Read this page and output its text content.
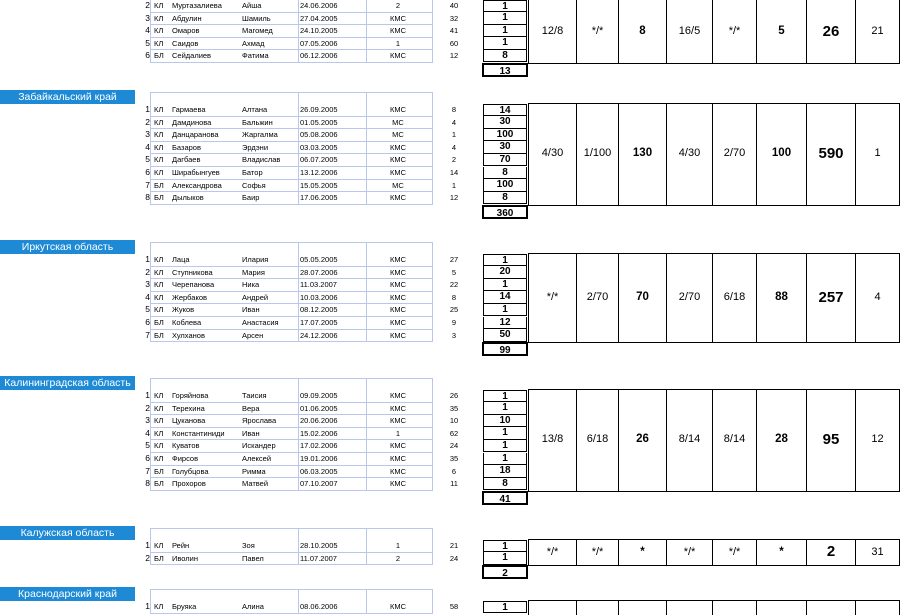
2 КЛ	Муртазалиева	Айша	24.06.2006	2	40	1
3 КЛ	Абдулин	Шамиль	27.04.2005	КМС	32	1
4 КЛ	Омаров	Магомед	24.10.2005	КМС	41	1
5 КЛ	Саидов	Ахмад	07.05.2006	1	60	1
6 БЛ	Сейдалиев	Фатима	06.12.2006	КМС	12	8
13
12/8	*/*	8	16/5	*/*	5	26	21
Забайкальский край
1 КЛ	Гармаева	Алтана	26.09.2005	КМС	8	14
2 КЛ	Дамдинова	Бальжин	01.05.2005	МС	4	30
3 КЛ	Данцаранова	Жаргалма	05.08.2006	МС	1	100
4 КЛ	Базаров	Эрдэни	03.03.2005	КМС	4	30
5 КЛ	Дагбаев	Владислав	06.07.2005	КМС	2	70
6 КЛ	Ширабынгуев	Батор	13.12.2006	КМС	14	8
7 БЛ	Александрова	Софья	15.05.2005	МС	1	100
8 БЛ	Дылыков	Баир	17.06.2005	КМС	12	8
360
4/30	1/100	130	4/30	2/70	100	590	1
Иркутская область
1 КЛ	Лаца	Илария	05.05.2005	КМС	27	1
2 КЛ	Ступникова	Мария	28.07.2006	КМС	5	20
3 КЛ	Черепанова	Ника	11.03.2007	КМС	22	1
4 КЛ	Жербаков	Андрей	10.03.2006	КМС	8	14
5 КЛ	Жуков	Иван	08.12.2005	КМС	25	1
6 БЛ	Коблева	Анастасия	17.07.2005	КМС	9	12
7 БЛ	Хулханов	Арсен	24.12.2006	КМС	3	50
99
*/*	2/70	70	2/70	6/18	88	257	4
Калининградская область
1 КЛ	Горяйнова	Таисия	09.09.2005	КМС	26	1
2 КЛ	Терехина	Вера	01.06.2005	КМС	35	1
3 КЛ	Цуканова	Ярослава	20.06.2006	КМС	10	10
4 КЛ	Константиниди	Иван	15.02.2006	1	62	1
5 КЛ	Куватов	Искандер	17.02.2006	КМС	24	1
6 КЛ	Фирсов	Алексей	19.01.2006	КМС	35	1
7 БЛ	Голубцова	Римма	06.03.2005	КМС	6	18
8 БЛ	Прохоров	Матвей	07.10.2007	КМС	11	8
41
13/8	6/18	26	8/14	8/14	28	95	12
Калужская область
1 КЛ	Рейн	Зоя	28.10.2005	1	21	1
2 БЛ	Иволин	Павел	11.07.2007	2	24	1
2
*/*	*/*	*	*/*	*/*	*	2	31
Краснодарский край
1 КЛ	Бруяка	Алина	08.06.2006	КМС	58	1
